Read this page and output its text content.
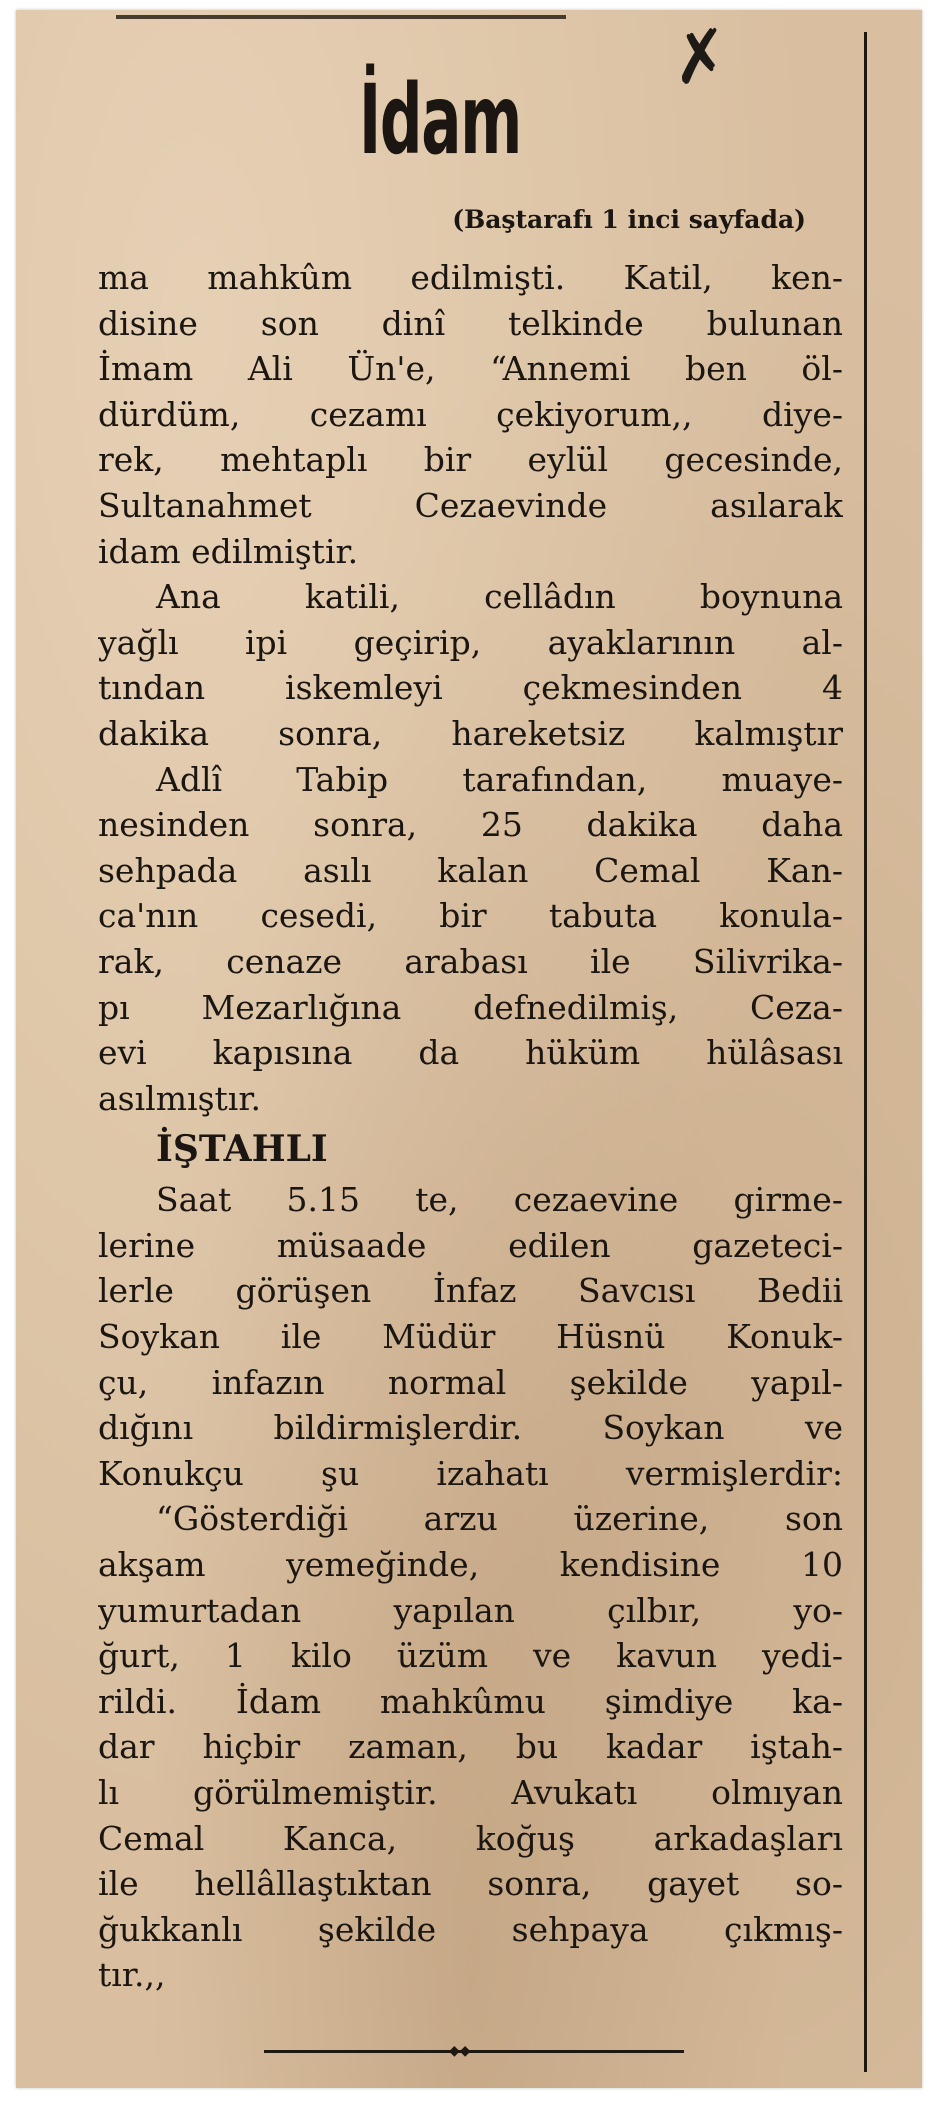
✗
İdam
(Baştarafı 1 inci sayfada)
ma mahkûm edilmişti. Katil, ken-
disine son dinî telkinde bulunan
İmam Ali Ün'e, “Annemi ben öl-
dürdüm, cezamı çekiyorum,, diye-
rek, mehtaplı bir eylül gecesinde,
Sultanahmet Cezaevinde asılarak
idam edilmiştir.
Ana katili, cellâdın boynuna
yağlı ipi geçirip, ayaklarının al-
tından iskemleyi çekmesinden 4
dakika sonra, hareketsiz kalmıştır
Adlî Tabip tarafından, muaye-
nesinden sonra, 25 dakika daha
sehpada asılı kalan Cemal Kan-
ca'nın cesedi, bir tabuta konula-
rak, cenaze arabası ile Silivrika-
pı Mezarlığına defnedilmiş, Ceza-
evi kapısına da hüküm hülâsası
asılmıştır.
İŞTAHLI
Saat 5.15 te, cezaevine girme-
lerine müsaade edilen gazeteci-
lerle görüşen İnfaz Savcısı Bedii
Soykan ile Müdür Hüsnü Konuk-
çu, infazın normal şekilde yapıl-
dığını bildirmişlerdir. Soykan ve
Konukçu şu izahatı vermişlerdir:
“Gösterdiği arzu üzerine, son
akşam yemeğinde, kendisine 10
yumurtadan yapılan çılbır, yo-
ğurt, 1 kilo üzüm ve kavun yedi-
rildi. İdam mahkûmu şimdiye ka-
dar hiçbir zaman, bu kadar iştah-
lı görülmemiştir. Avukatı olmıyan
Cemal Kanca, koğuş arkadaşları
ile hellâllaştıktan sonra, gayet so-
ğukkanlı şekilde sehpaya çıkmış-
tır.,,
◆◆
